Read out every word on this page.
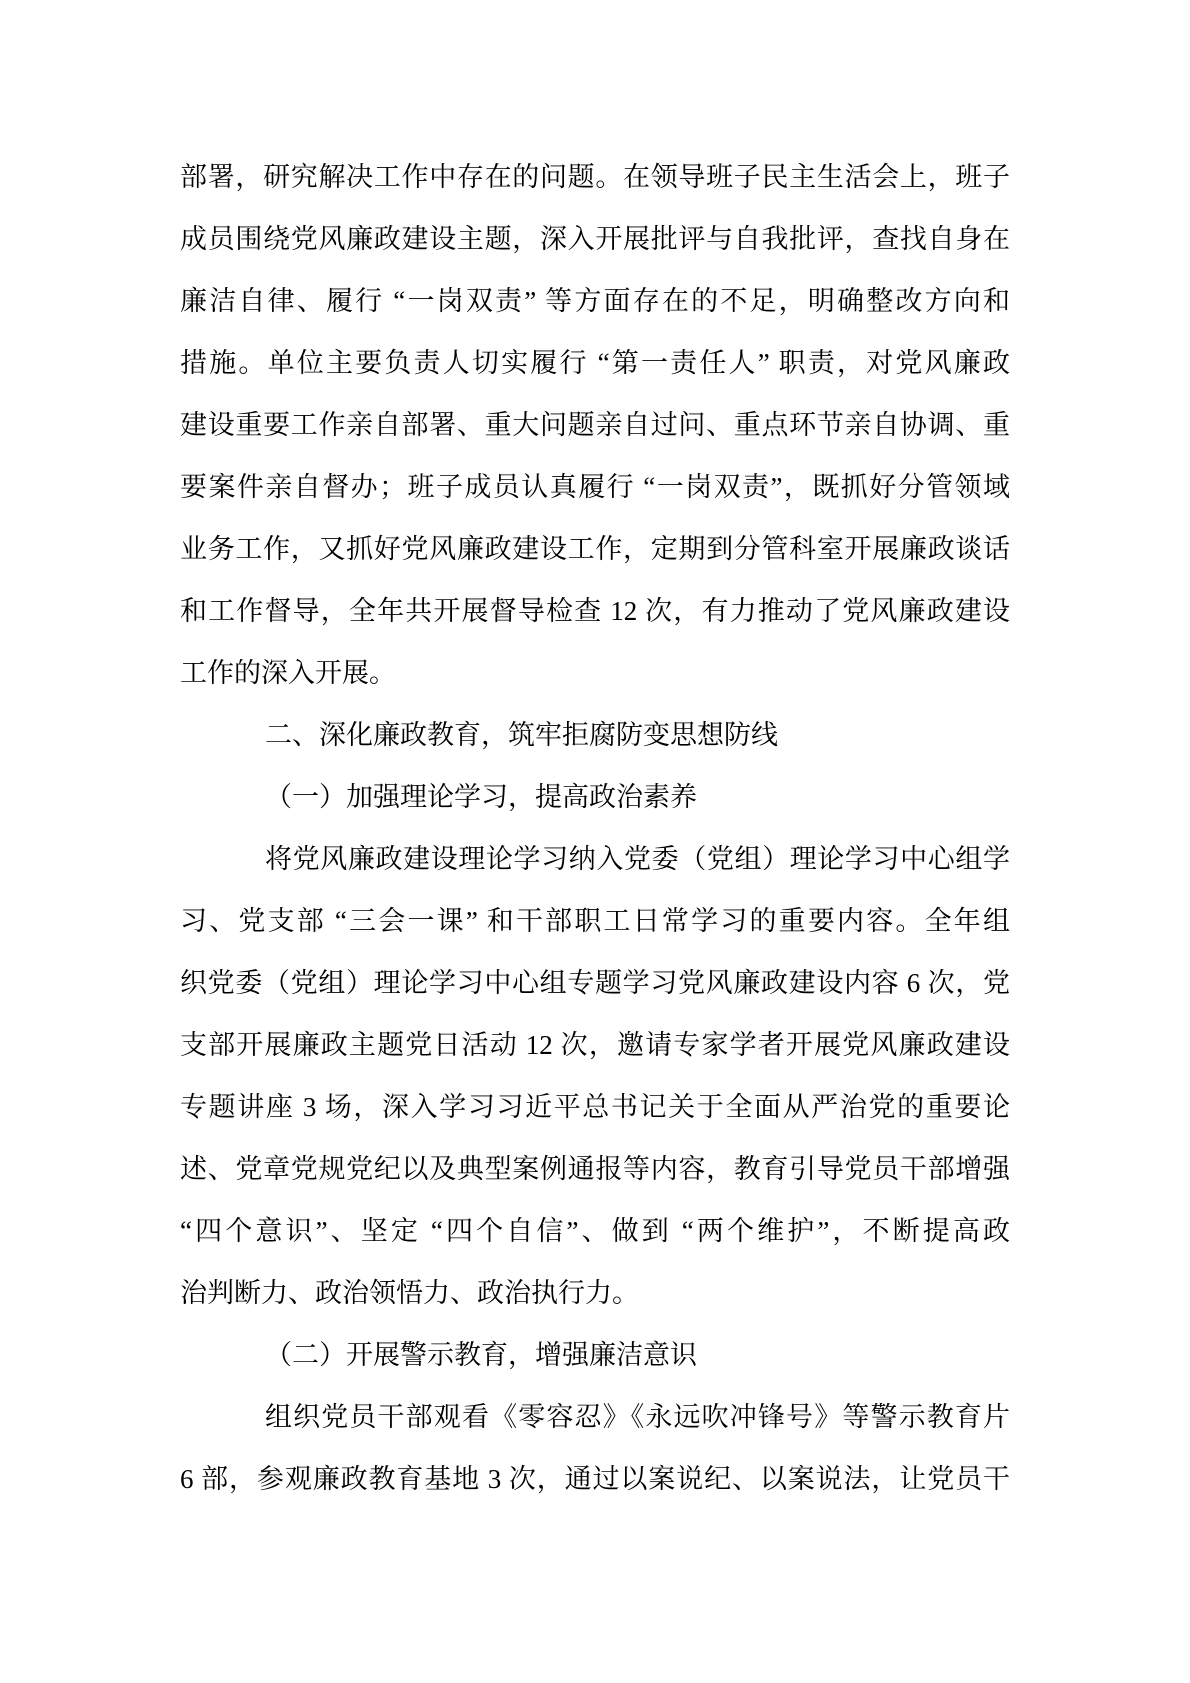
部署，研究解决工作中存在的问题。在领导班子民主生活会上，班子
成员围绕党风廉政建设主题，深入开展批评与自我批评，查找自身在
廉洁自律、履行 “一岗双责” 等方面存在的不足，明确整改方向和
措施。单位主要负责人切实履行 “第一责任人” 职责，对党风廉政
建设重要工作亲自部署、重大问题亲自过问、重点环节亲自协调、重
要案件亲自督办；班子成员认真履行 “一岗双责”，既抓好分管领域
业务工作，又抓好党风廉政建设工作，定期到分管科室开展廉政谈话
和工作督导，全年共开展督导检查 12 次，有力推动了党风廉政建设
工作的深入开展。
二、深化廉政教育，筑牢拒腐防变思想防线
（一）加强理论学习，提高政治素养
将党风廉政建设理论学习纳入党委（党组）理论学习中心组学
习、党支部 “三会一课” 和干部职工日常学习的重要内容。全年组
织党委（党组）理论学习中心组专题学习党风廉政建设内容 6 次，党
支部开展廉政主题党日活动 12 次，邀请专家学者开展党风廉政建设
专题讲座 3 场，深入学习习近平总书记关于全面从严治党的重要论
述、党章党规党纪以及典型案例通报等内容，教育引导党员干部增强
“四个意识”、坚定 “四个自信”、做到 “两个维护”，不断提高政
治判断力、政治领悟力、政治执行力。
（二）开展警示教育，增强廉洁意识
组织党员干部观看《零容忍》《永远吹冲锋号》等警示教育片
6 部，参观廉政教育基地 3 次，通过以案说纪、以案说法，让党员干
